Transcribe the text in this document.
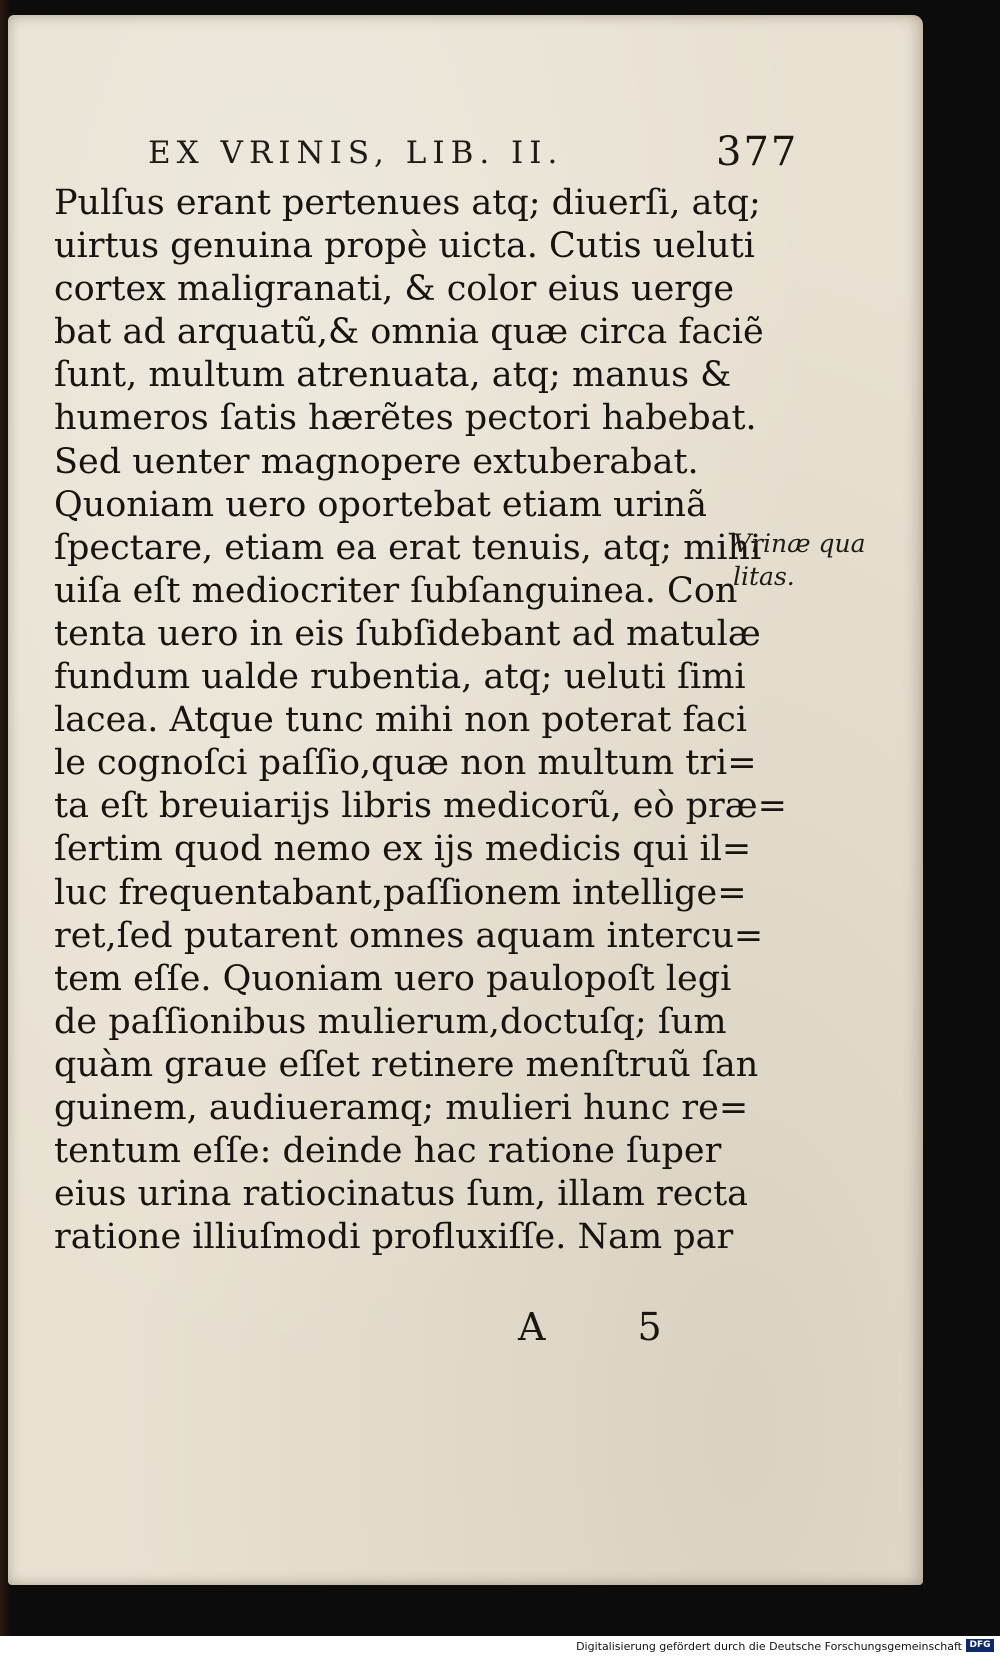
EX VRINIS, LIB. II.	377
Pulſus erant pertenues atq; diuerſi, atq;
uirtus genuina propè uicta. Cutis ueluti
cortex maligranati, & color eius uerge
bat ad arquatũ,& omnia quæ circa faciẽ
ſunt, multum atrenuata, atq; manus &
humeros ſatis hærẽtes pectori habebat.
Sed uenter magnopere extuberabat.
Quoniam uero oportebat etiam urinã
ſpectare, etiam ea erat tenuis, atq; mihi
uiſa eſt mediocriter ſubſanguinea. Con
tenta uero in eis ſubſidebant ad matulæ
fundum ualde rubentia, atq; ueluti ſimi
lacea. Atque tunc mihi non poterat faci
le cognoſci paſſio,quæ non multum tri=
ta eſt breuiarijs libris medicorũ, eò præ=
ſertim quod nemo ex ijs medicis qui il=
luc frequentabant,paſſionem intellige=
ret,ſed putarent omnes aquam intercu=
tem eſſe. Quoniam uero paulopoſt legi
de paſſionibus mulierum,doctuſq; ſum
quàm graue eſſet retinere menſtruũ ſan
guinem, audiueramq; mulieri hunc re=
tentum eſſe: deinde hac ratione ſuper
eius urina ratiocinatus ſum, illam recta
ratione illiuſmodi profluxiſſe. Nam par
Vrinæ qua
litas.
A 5
Digitalisierung gefördert durch die Deutsche Forschungsgemeinschaft DFG
